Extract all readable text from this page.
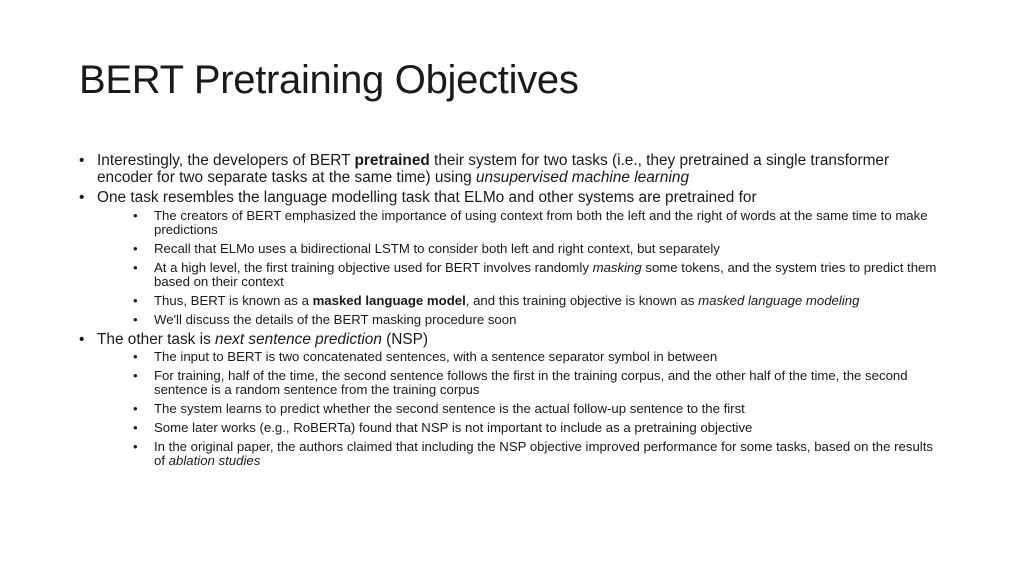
BERT Pretraining Objectives
• Interestingly, the developers of BERT pretrained their system for two tasks (i.e., they pretrained a single transformer encoder for two separate tasks at the same time) using unsupervised machine learning
• One task resembles the language modelling task that ELMo and other systems are pretrained for
• The creators of BERT emphasized the importance of using context from both the left and the right of words at the same time to make predictions
• Recall that ELMo uses a bidirectional LSTM to consider both left and right context, but separately
• At a high level, the first training objective used for BERT involves randomly masking some tokens, and the system tries to predict them based on their context
• Thus, BERT is known as a masked language model, and this training objective is known as masked language modeling
• We'll discuss the details of the BERT masking procedure soon
• The other task is next sentence prediction (NSP)
• The input to BERT is two concatenated sentences, with a sentence separator symbol in between
• For training, half of the time, the second sentence follows the first in the training corpus, and the other half of the time, the second sentence is a random sentence from the training corpus
• The system learns to predict whether the second sentence is the actual follow-up sentence to the first
• Some later works (e.g., RoBERTa) found that NSP is not important to include as a pretraining objective
• In the original paper, the authors claimed that including the NSP objective improved performance for some tasks, based on the results of ablation studies
